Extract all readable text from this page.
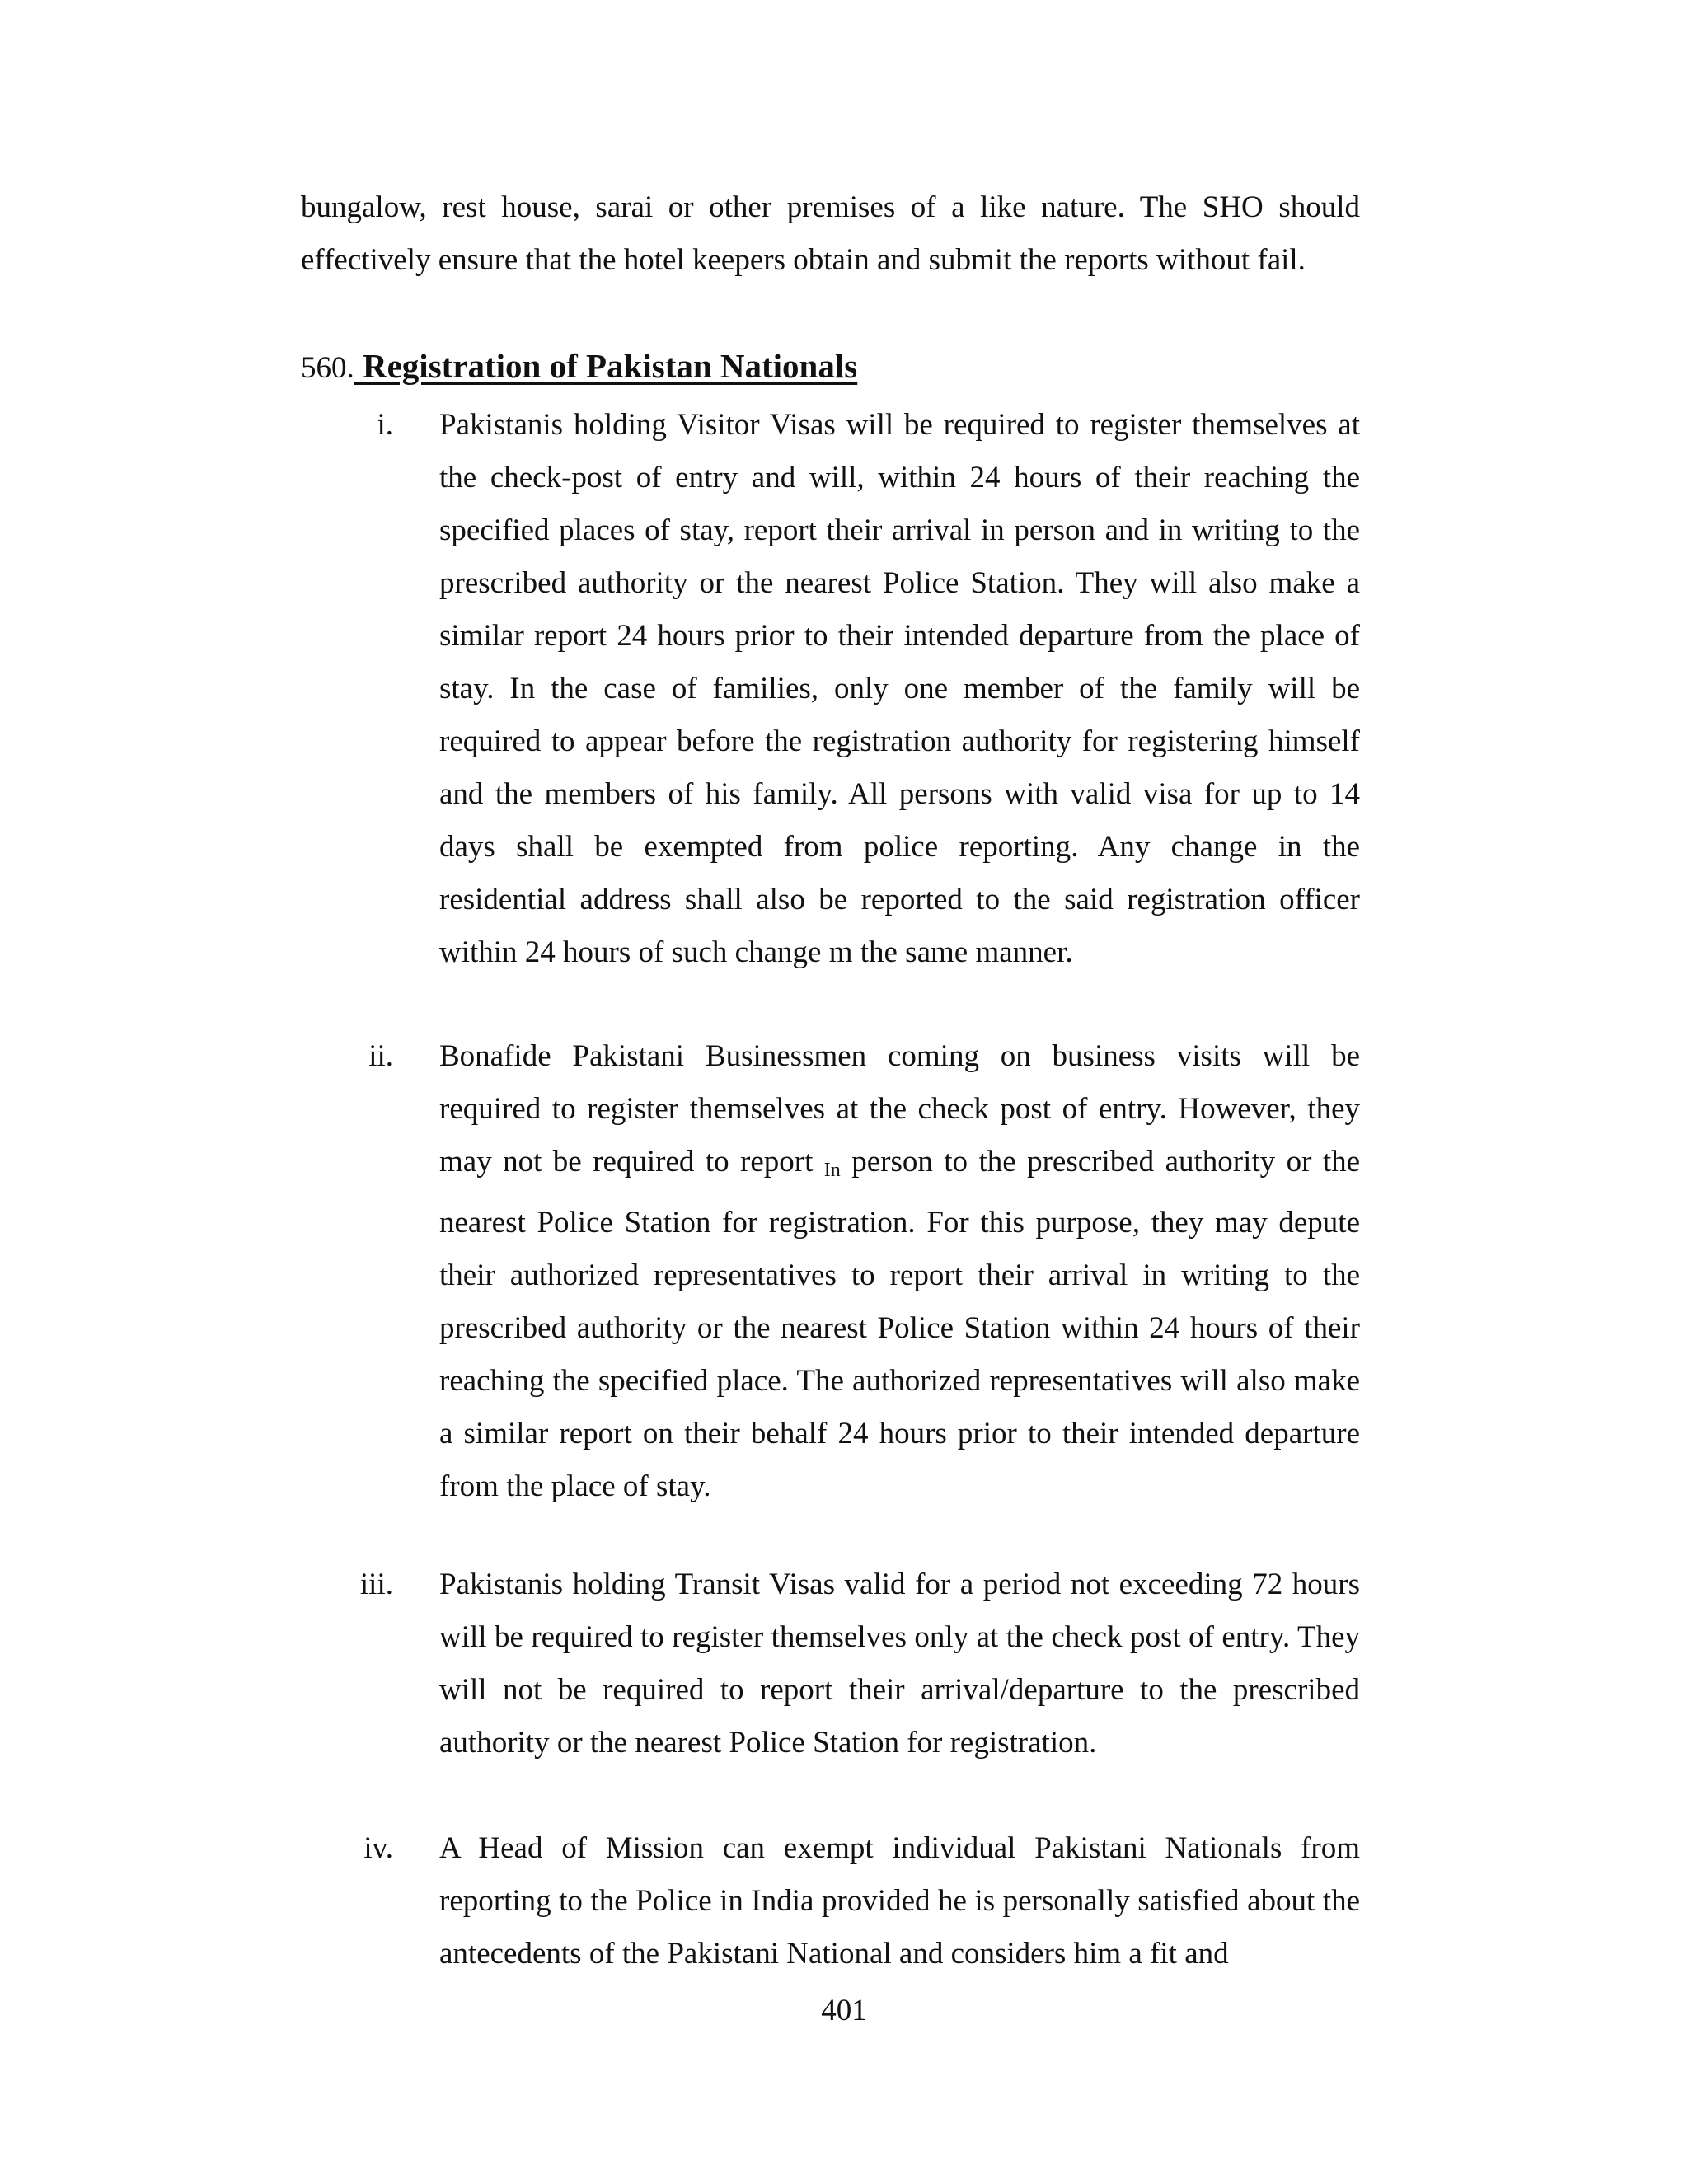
bungalow, rest house, sarai or other premises of a like nature. The SHO should effectively ensure that the hotel keepers obtain and submit the reports without fail.

560. Registration of Pakistan Nationals

i. Pakistanis holding Visitor Visas will be required to register themselves at the check-post of entry and will, within 24 hours of their reaching the specified places of stay, report their arrival in person and in writing to the prescribed authority or the nearest Police Station. They will also make a similar report 24 hours prior to their intended departure from the place of stay. In the case of families, only one member of the family will be required to appear before the registration authority for registering himself and the members of his family. All persons with valid visa for up to 14 days shall be exempted from police reporting. Any change in the residential address shall also be reported to the said registration officer within 24 hours of such change m the same manner.

ii. Bonafide Pakistani Businessmen coming on business visits will be required to register themselves at the check post of entry. However, they may not be required to report In person to the prescribed authority or the nearest Police Station for registration. For this purpose, they may depute their authorized representatives to report their arrival in writing to the prescribed authority or the nearest Police Station within 24 hours of their reaching the specified place. The authorized representatives will also make a similar report on their behalf 24 hours prior to their intended departure from the place of stay.

iii. Pakistanis holding Transit Visas valid for a period not exceeding 72 hours will be required to register themselves only at the check post of entry. They will not be required to report their arrival/departure to the prescribed authority or the nearest Police Station for registration.

iv. A Head of Mission can exempt individual Pakistani Nationals from reporting to the Police in India provided he is personally satisfied about the antecedents of the Pakistani National and considers him a fit and

401
